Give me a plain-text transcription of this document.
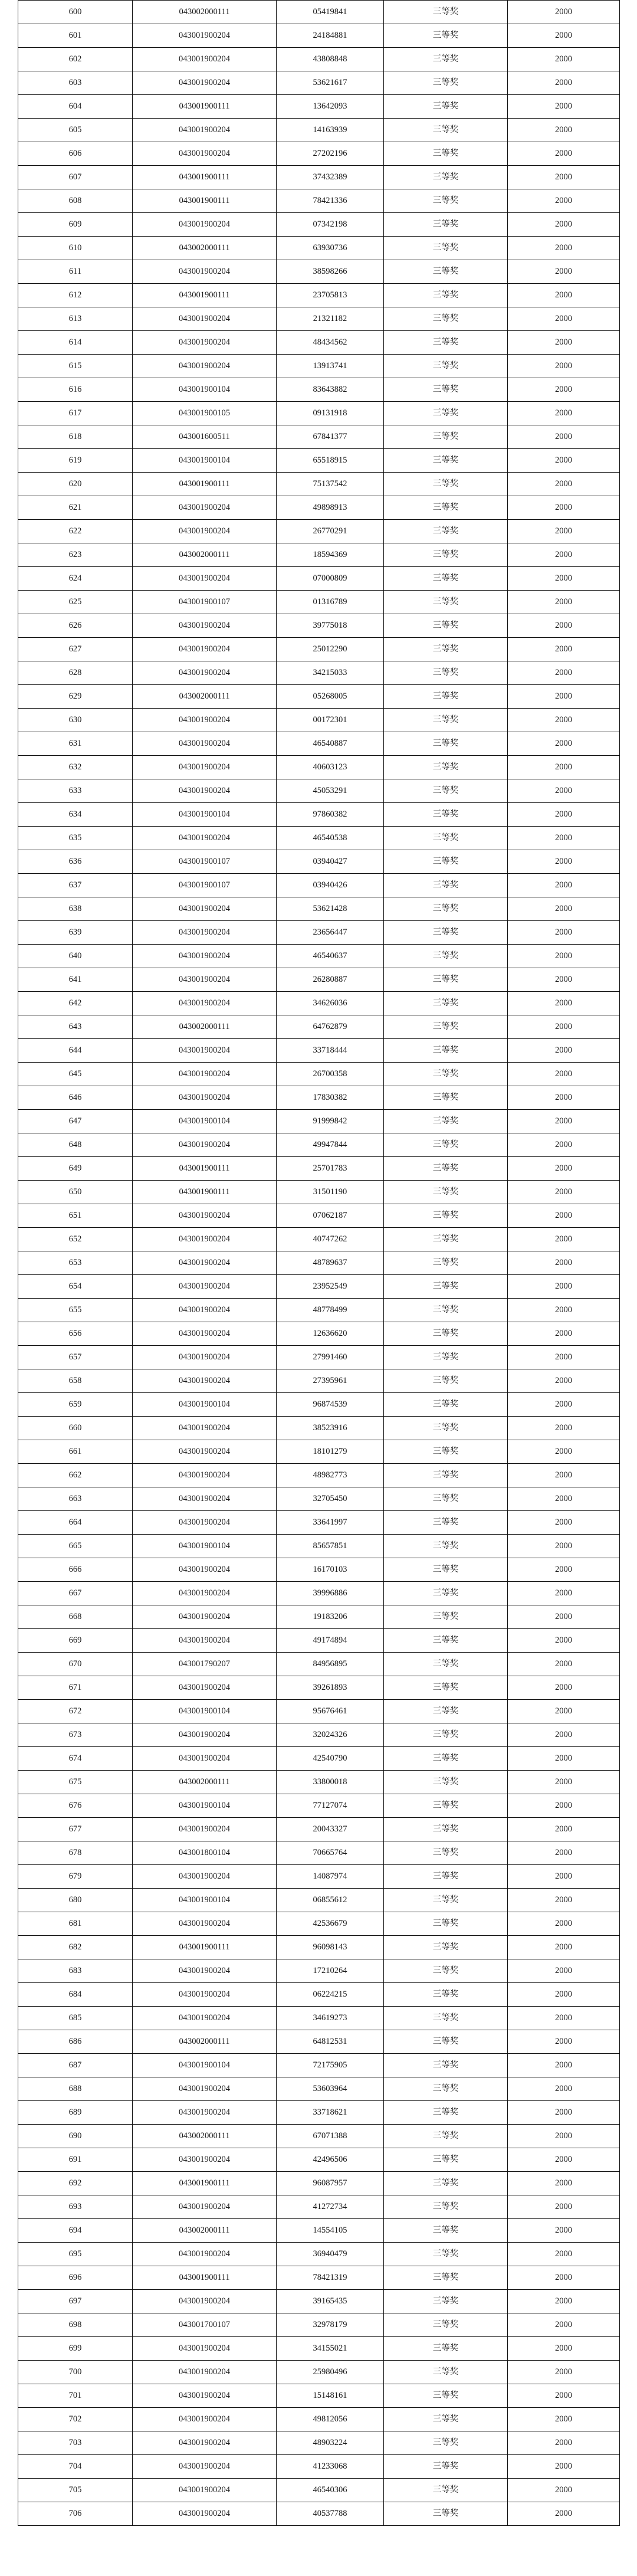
600	043002000111	05419841	三等奖	2000
601	043001900204	24184881	三等奖	2000
602	043001900204	43808848	三等奖	2000
603	043001900204	53621617	三等奖	2000
604	043001900111	13642093	三等奖	2000
605	043001900204	14163939	三等奖	2000
606	043001900204	27202196	三等奖	2000
607	043001900111	37432389	三等奖	2000
608	043001900111	78421336	三等奖	2000
609	043001900204	07342198	三等奖	2000
610	043002000111	63930736	三等奖	2000
611	043001900204	38598266	三等奖	2000
612	043001900111	23705813	三等奖	2000
613	043001900204	21321182	三等奖	2000
614	043001900204	48434562	三等奖	2000
615	043001900204	13913741	三等奖	2000
616	043001900104	83643882	三等奖	2000
617	043001900105	09131918	三等奖	2000
618	043001600511	67841377	三等奖	2000
619	043001900104	65518915	三等奖	2000
620	043001900111	75137542	三等奖	2000
621	043001900204	49898913	三等奖	2000
622	043001900204	26770291	三等奖	2000
623	043002000111	18594369	三等奖	2000
624	043001900204	07000809	三等奖	2000
625	043001900107	01316789	三等奖	2000
626	043001900204	39775018	三等奖	2000
627	043001900204	25012290	三等奖	2000
628	043001900204	34215033	三等奖	2000
629	043002000111	05268005	三等奖	2000
630	043001900204	00172301	三等奖	2000
631	043001900204	46540887	三等奖	2000
632	043001900204	40603123	三等奖	2000
633	043001900204	45053291	三等奖	2000
634	043001900104	97860382	三等奖	2000
635	043001900204	46540538	三等奖	2000
636	043001900107	03940427	三等奖	2000
637	043001900107	03940426	三等奖	2000
638	043001900204	53621428	三等奖	2000
639	043001900204	23656447	三等奖	2000
640	043001900204	46540637	三等奖	2000
641	043001900204	26280887	三等奖	2000
642	043001900204	34626036	三等奖	2000
643	043002000111	64762879	三等奖	2000
644	043001900204	33718444	三等奖	2000
645	043001900204	26700358	三等奖	2000
646	043001900204	17830382	三等奖	2000
647	043001900104	91999842	三等奖	2000
648	043001900204	49947844	三等奖	2000
649	043001900111	25701783	三等奖	2000
650	043001900111	31501190	三等奖	2000
651	043001900204	07062187	三等奖	2000
652	043001900204	40747262	三等奖	2000
653	043001900204	48789637	三等奖	2000
654	043001900204	23952549	三等奖	2000
655	043001900204	48778499	三等奖	2000
656	043001900204	12636620	三等奖	2000
657	043001900204	27991460	三等奖	2000
658	043001900204	27395961	三等奖	2000
659	043001900104	96874539	三等奖	2000
660	043001900204	38523916	三等奖	2000
661	043001900204	18101279	三等奖	2000
662	043001900204	48982773	三等奖	2000
663	043001900204	32705450	三等奖	2000
664	043001900204	33641997	三等奖	2000
665	043001900104	85657851	三等奖	2000
666	043001900204	16170103	三等奖	2000
667	043001900204	39996886	三等奖	2000
668	043001900204	19183206	三等奖	2000
669	043001900204	49174894	三等奖	2000
670	043001790207	84956895	三等奖	2000
671	043001900204	39261893	三等奖	2000
672	043001900104	95676461	三等奖	2000
673	043001900204	32024326	三等奖	2000
674	043001900204	42540790	三等奖	2000
675	043002000111	33800018	三等奖	2000
676	043001900104	77127074	三等奖	2000
677	043001900204	20043327	三等奖	2000
678	043001800104	70665764	三等奖	2000
679	043001900204	14087974	三等奖	2000
680	043001900104	06855612	三等奖	2000
681	043001900204	42536679	三等奖	2000
682	043001900111	96098143	三等奖	2000
683	043001900204	17210264	三等奖	2000
684	043001900204	06224215	三等奖	2000
685	043001900204	34619273	三等奖	2000
686	043002000111	64812531	三等奖	2000
687	043001900104	72175905	三等奖	2000
688	043001900204	53603964	三等奖	2000
689	043001900204	33718621	三等奖	2000
690	043002000111	67071388	三等奖	2000
691	043001900204	42496506	三等奖	2000
692	043001900111	96087957	三等奖	2000
693	043001900204	41272734	三等奖	2000
694	043002000111	14554105	三等奖	2000
695	043001900204	36940479	三等奖	2000
696	043001900111	78421319	三等奖	2000
697	043001900204	39165435	三等奖	2000
698	043001700107	32978179	三等奖	2000
699	043001900204	34155021	三等奖	2000
700	043001900204	25980496	三等奖	2000
701	043001900204	15148161	三等奖	2000
702	043001900204	49812056	三等奖	2000
703	043001900204	48903224	三等奖	2000
704	043001900204	41233068	三等奖	2000
705	043001900204	46540306	三等奖	2000
706	043001900204	40537788	三等奖	2000
